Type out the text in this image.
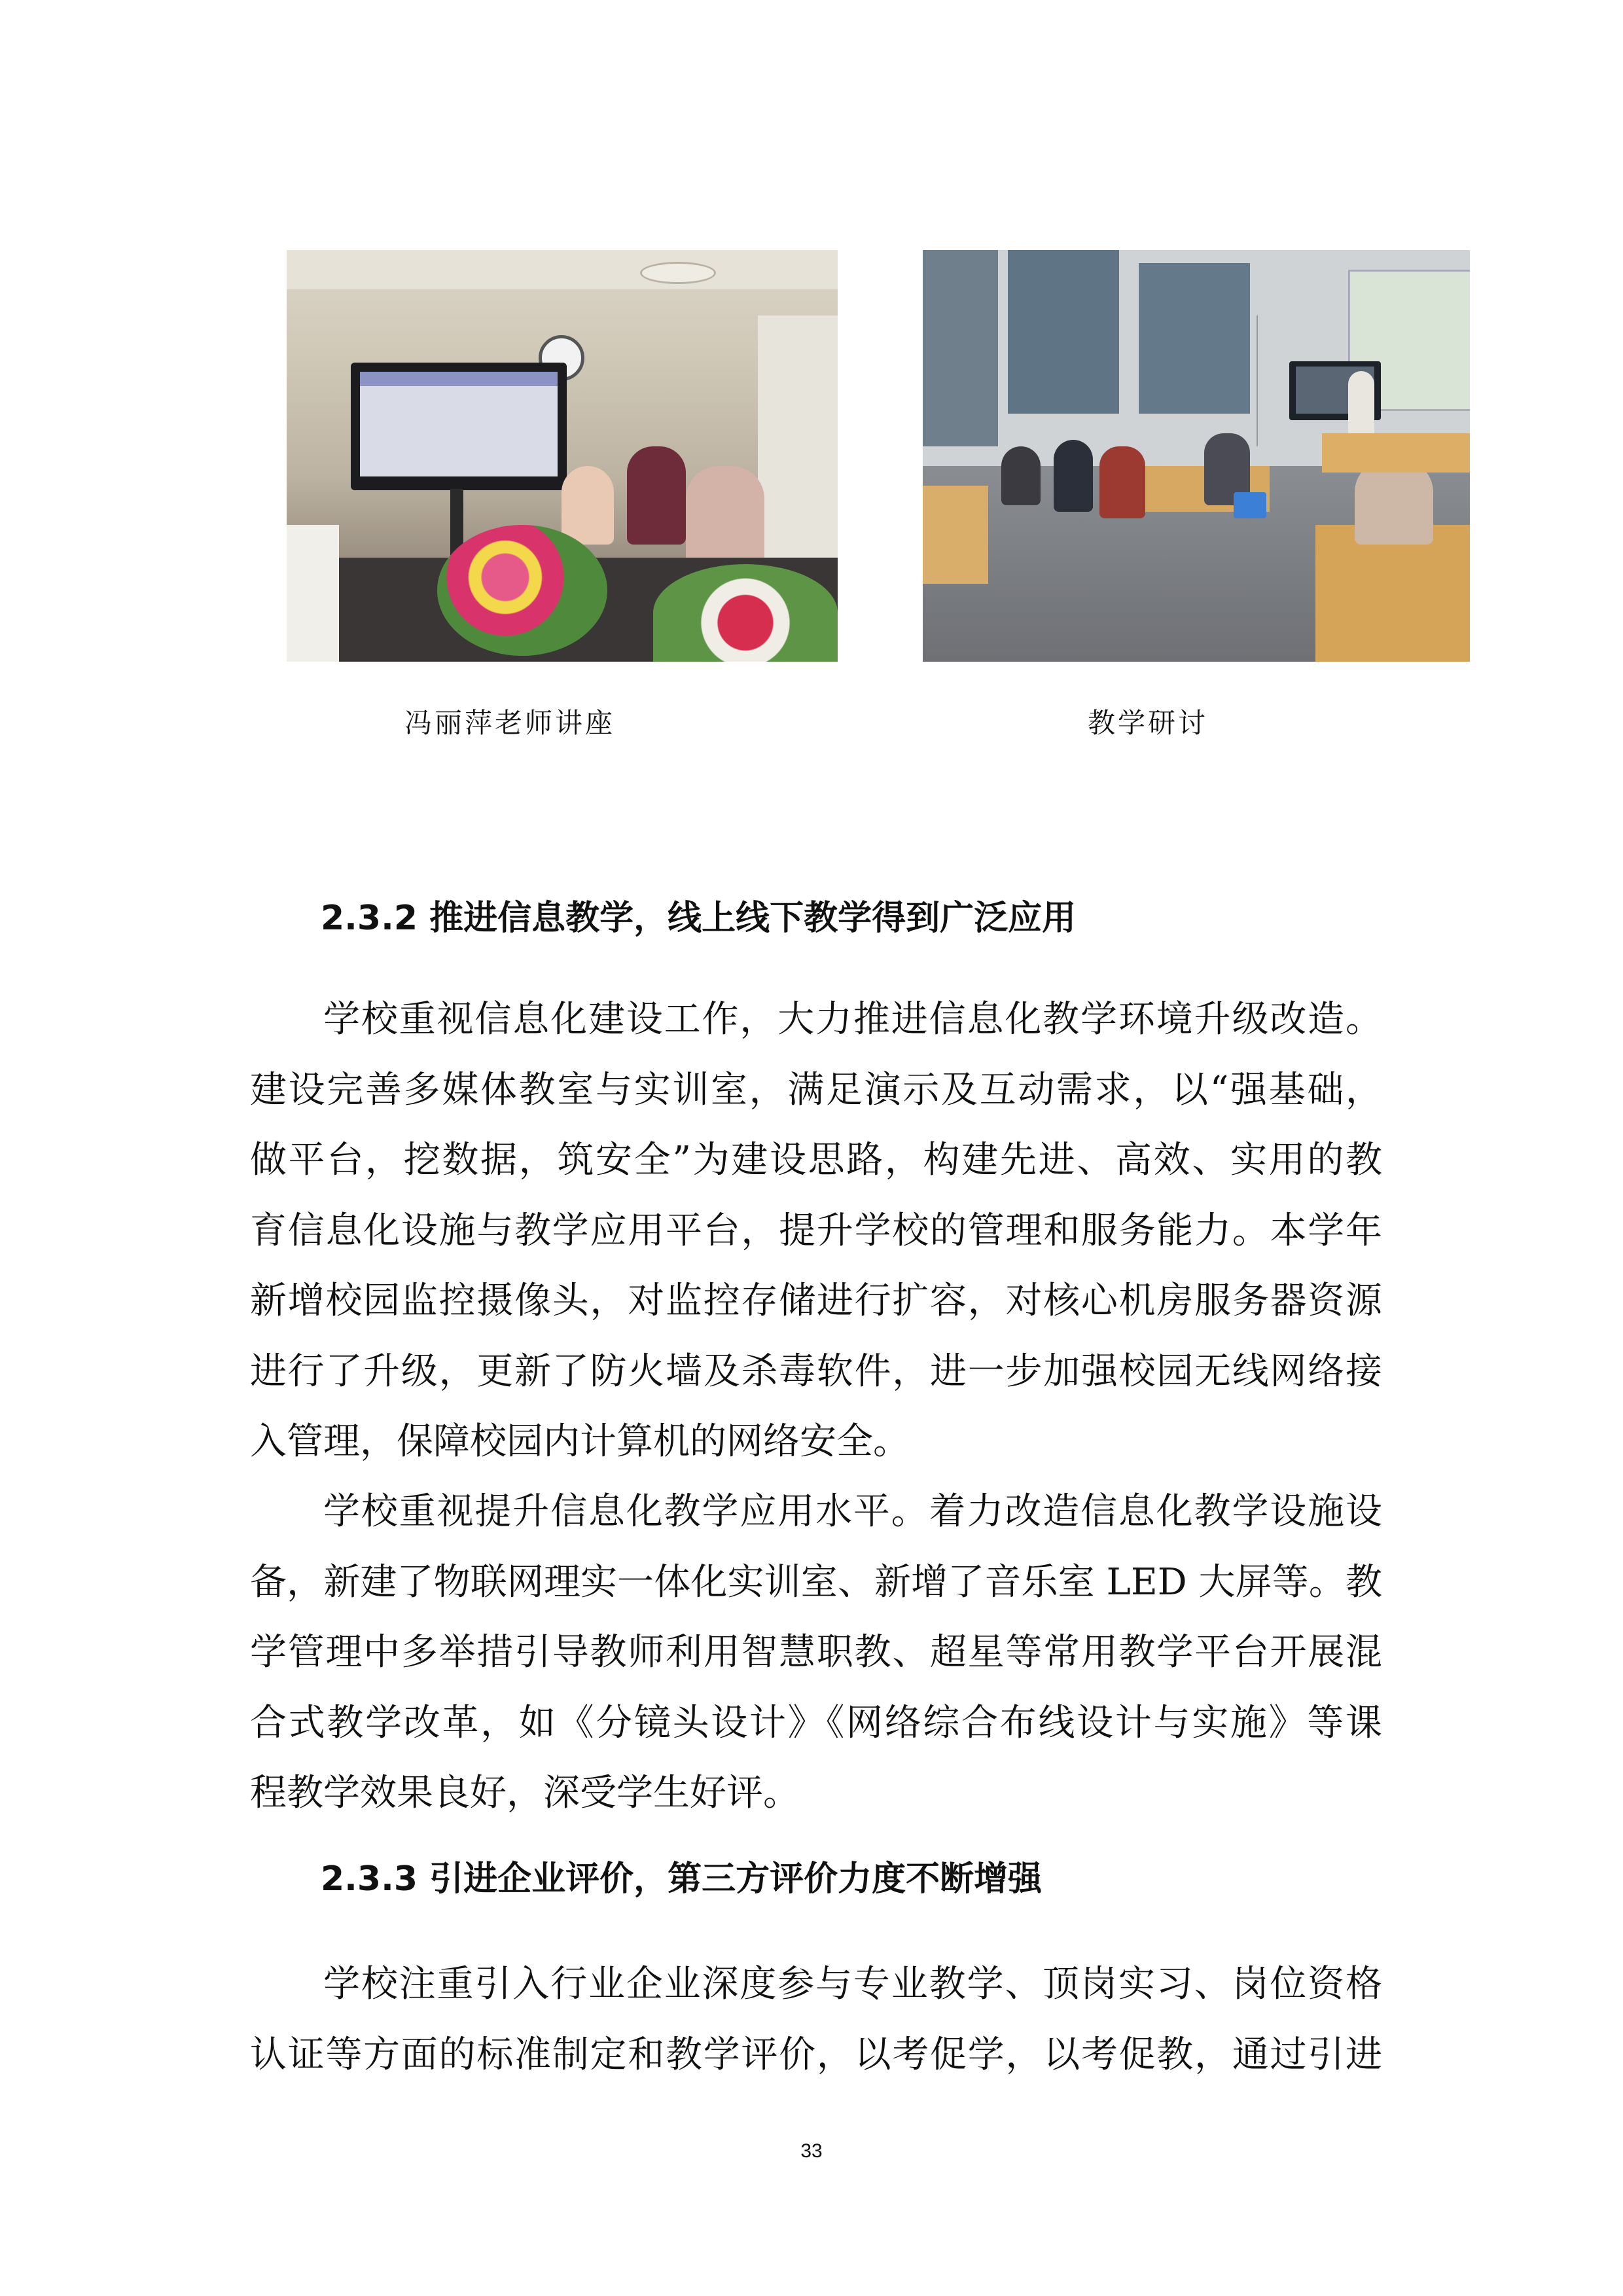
冯丽萍老师讲座	教学研讨
2.3.2 推进信息教学，线上线下教学得到广泛应用
学校重视信息化建设工作，大力推进信息化教学环境升级改造。
建设完善多媒体教室与实训室，满足演示及互动需求，以“强基础，
做平台，挖数据，筑安全”为建设思路，构建先进、高效、实用的教
育信息化设施与教学应用平台，提升学校的管理和服务能力。本学年
新增校园监控摄像头，对监控存储进行扩容，对核心机房服务器资源
进行了升级，更新了防火墙及杀毒软件，进一步加强校园无线网络接
入管理，保障校园内计算机的网络安全。
学校重视提升信息化教学应用水平。着力改造信息化教学设施设
备，新建了物联网理实一体化实训室、新增了音乐室 LED 大屏等。教
学管理中多举措引导教师利用智慧职教、超星等常用教学平台开展混
合式教学改革，如《分镜头设计》《网络综合布线设计与实施》等课
程教学效果良好，深受学生好评。
2.3.3 引进企业评价，第三方评价力度不断增强
学校注重引入行业企业深度参与专业教学、顶岗实习、岗位资格
认证等方面的标准制定和教学评价，以考促学，以考促教，通过引进
33
